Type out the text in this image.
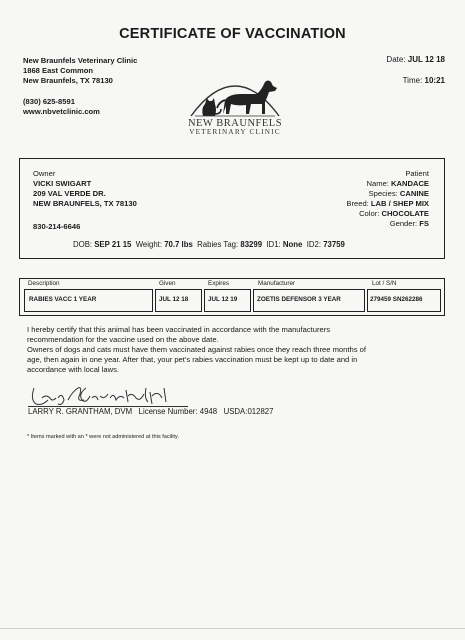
CERTIFICATE OF VACCINATION
New Braunfels Veterinary Clinic
1868 East Common
New Braunfels, TX 78130
(830) 625-8591
www.nbvetclinic.com
Date: JUL 12 18
Time: 10:21
NEW BRAUNFELS
VETERINARY CLINIC
Owner
VICKI SWIGART
209 VAL VERDE DR.
NEW BRAUNFELS, TX 78130
830-214-6646
Patient
Name: KANDACE
Species: CANINE
Breed: LAB / SHEP MIX
Color: CHOCOLATE
Gender: FS
DOB: SEP 21 15 Weight: 70.7 lbs Rabies Tag: 83299 ID1: None ID2: 73759
Description	Given	Expires	Manufacturer	Lot / S/N
RABIES VACC 1 YEAR	JUL 12 18	JUL 12 19	ZOETIS DEFENSOR 3 YEAR	279459 SN262286
I hereby certify that this animal has been vaccinated in accordance with the manufacturers
recommendation for the vaccine used on the above date.
Owners of dogs and cats must have them vaccinated against rabies once they reach three months of
age, then again in one year. After that, your pet's rabies vaccination must be kept up to date and in
accordance with local laws.
LARRY R. GRANTHAM, DVM License Number: 4948 USDA:012827
* Items marked with an * were not administered at this facility.
